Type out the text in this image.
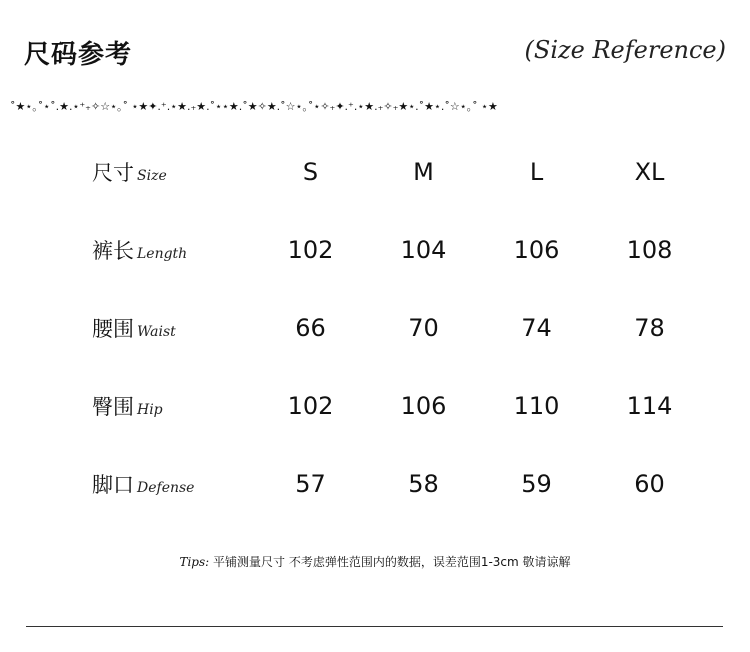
尺码参考	(Size Reference)
˚★⋆｡˚⋆˚.★.⋆⁺₊✧☆⋆｡˚ ⋆★✦.⁺.⋆★.₊★.˚⋆⋆★.˚★✧★.˚☆⋆｡˚⋆✧₊✦.⁺.⋆★.₊✧₊★⋆.˚★⋆.˚☆⋆｡˚ ⋆★
尺寸 Size	S	M	L	XL
裤长 Length	102	104	106	108
腰围 Waist	66	70	74	78
臀围 Hip	102	106	110	114
脚口 Defense	57	58	59	60
Tips: 平铺测量尺寸 不考虑弹性范围内的数据，误差范围1-3cm 敬请谅解
